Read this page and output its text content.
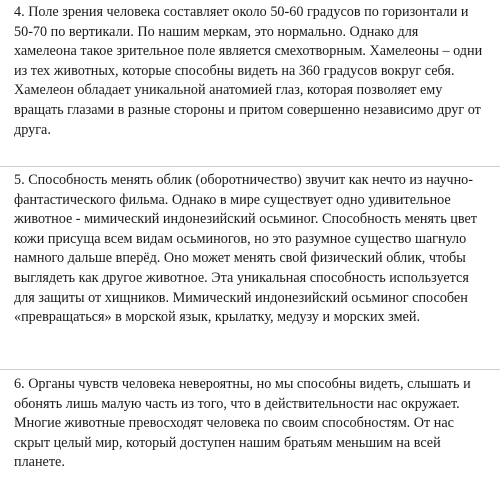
4. Поле зрения человека составляет около 50-60 градусов по горизонтали и 50-70 по вертикали. По нашим меркам, это нормально. Однако для хамелеона такое зрительное поле является смехотворным. Хамелеоны – одни из тех животных, которые способны видеть на 360 градусов вокруг себя.

Хамелеон обладает уникальной анатомией глаз, которая позволяет ему вращать глазами в разные стороны и притом совершенно независимо друг от друга.

5. Способность менять облик (оборотничество) звучит как нечто из научно-фантастического фильма. Однако в мире существует одно удивительное животное - мимический индонезийский осьминог. Способность менять цвет кожи присуща всем видам осьминогов, но это разумное существо шагнуло намного дальше вперёд. Оно может менять свой физический облик, чтобы выглядеть как другое животное. Эта уникальная способность используется для защиты от хищников. Мимический индонезийский осьминог способен «превращаться» в морской язык, крылатку, медузу и морских змей.

6. Органы чувств человека невероятны, но мы способны видеть, слышать и обонять лишь малую часть из того, что в действительности нас окружает. Многие животные превосходят человека по своим способностям. От нас скрыт целый мир, который доступен нашим братьям меньшим на всей планете.
